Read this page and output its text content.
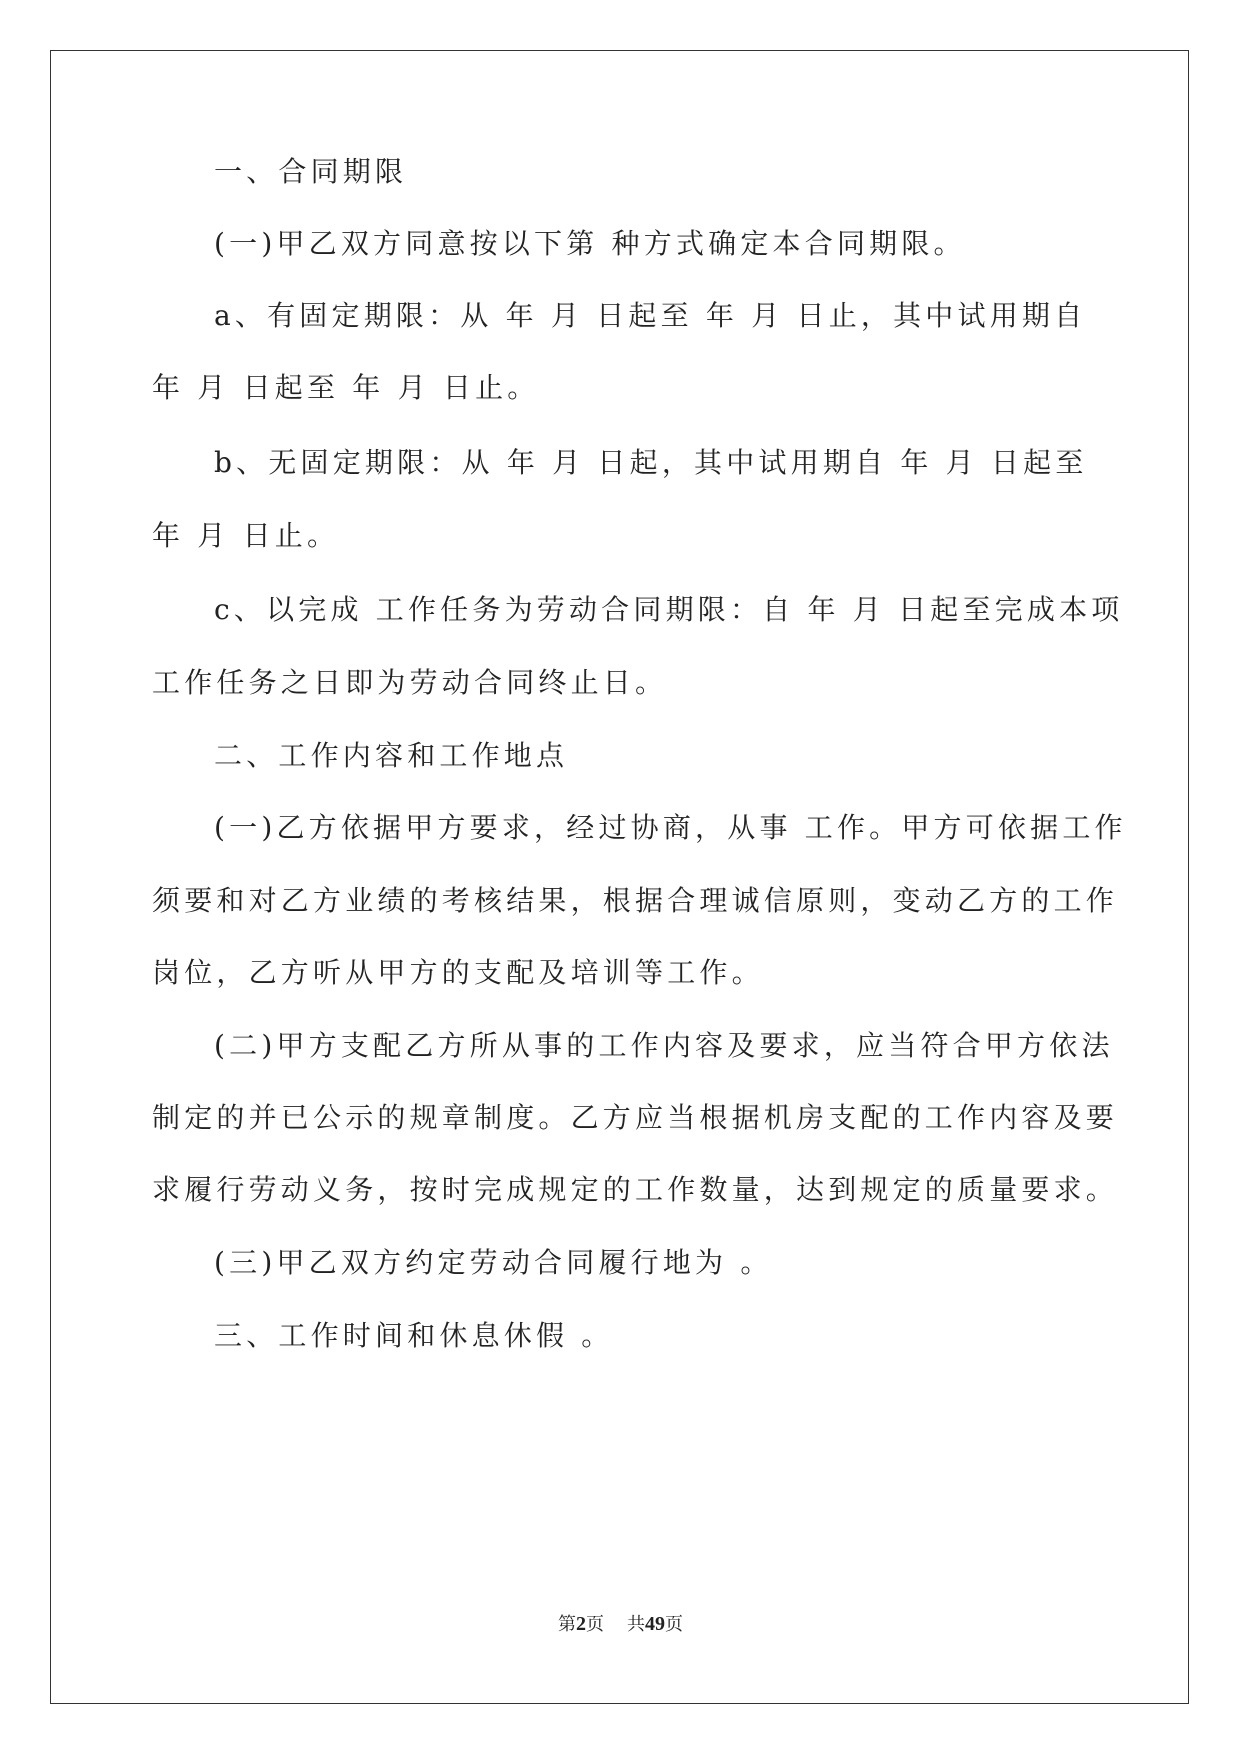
一、合同期限
(一)甲乙双方同意按以下第 种方式确定本合同期限。
a、有固定期限：从 年 月 日起至 年 月 日止，其中试用期自
年 月 日起至 年 月 日止。
b、无固定期限：从 年 月 日起，其中试用期自 年 月 日起至
年 月 日止。
c、以完成 工作任务为劳动合同期限：自 年 月 日起至完成本项
工作任务之日即为劳动合同终止日。
二、工作内容和工作地点
(一)乙方依据甲方要求，经过协商，从事 工作。甲方可依据工作
须要和对乙方业绩的考核结果，根据合理诚信原则，变动乙方的工作
岗位，乙方听从甲方的支配及培训等工作。
(二)甲方支配乙方所从事的工作内容及要求，应当符合甲方依法
制定的并已公示的规章制度。乙方应当根据机房支配的工作内容及要
求履行劳动义务，按时完成规定的工作数量，达到规定的质量要求。
(三)甲乙双方约定劳动合同履行地为 。
三、工作时间和休息休假 。
第2页 共49页
